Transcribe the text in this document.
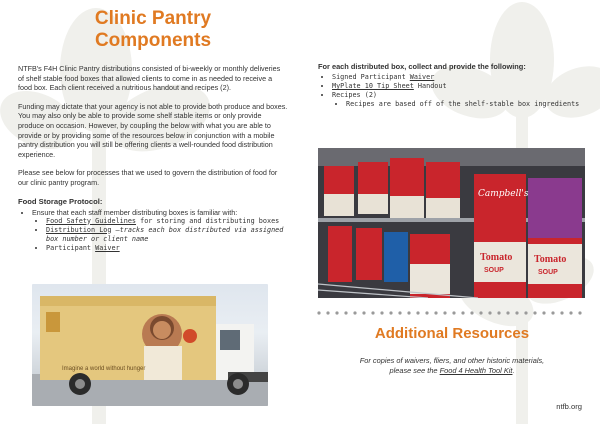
Clinic Pantry
Components

NTFB's F4H Clinic Pantry distributions consisted of bi-weekly or monthly deliveries of shelf stable food boxes that allowed clients to come in as needed to receive a food box. Each client received a nutritious handout and recipes (2).

Funding may dictate that your agency is not able to provide both produce and boxes. You may also only be able to provide some shelf stable items or only provide produce on occasion. However, by coupling the below with what you are able to provide or by providing some of the resources below in conjunction with a mobile pantry distribution you will still be offering clients a well-rounded food distribution experience.

Please see below for processes that we used to govern the distribution of food for our clinic pantry program.

Food Storage Protocol:
• Ensure that each staff member distributing boxes is familiar with:
• Food Safety Guidelines for storing and distributing boxes
• Distribution Log —tracks each box distributed via assigned box number or client name
• Participant Waiver
Imagine a world without hunger
For each distributed box, collect and provide the following:
• Signed Participant Waiver
• MyPlate 10 Tip Sheet Handout
• Recipes (2)
• Recipes are based off of the shelf-stable box ingredients
Campbell's
Tomato
SOUP
Tomato
SOUP
Additional Resources
For copies of waivers, fliers, and other historic materials,
please see the Food 4 Health Tool Kit.
ntfb.org
